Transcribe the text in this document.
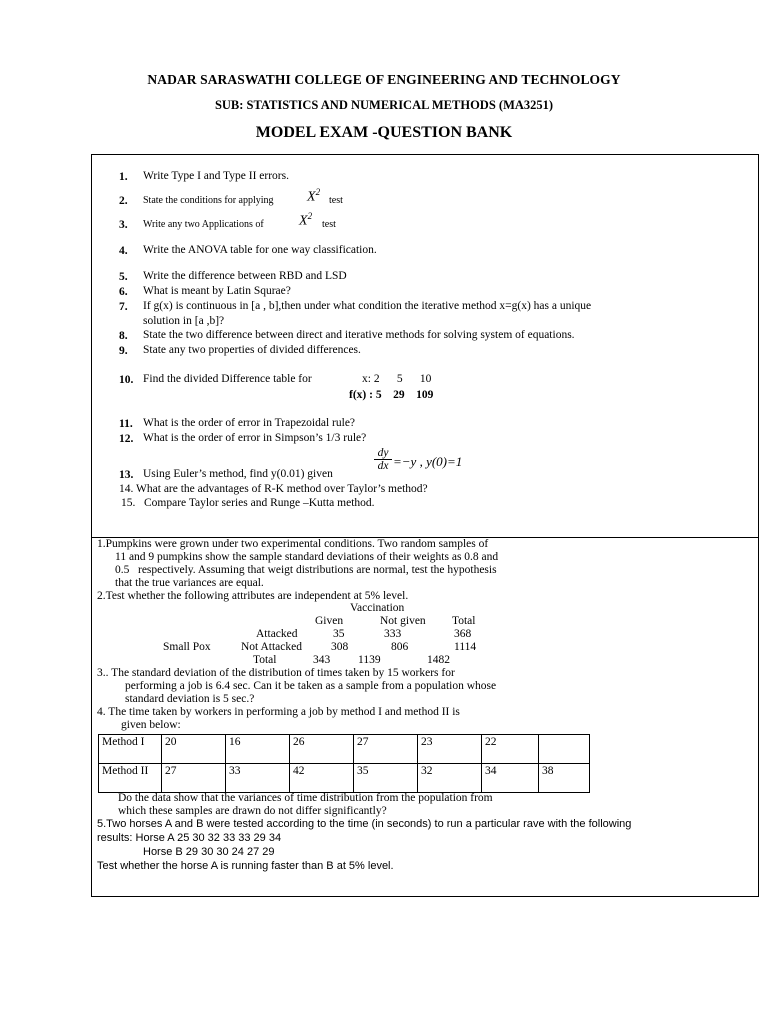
NADAR SARASWATHI COLLEGE OF ENGINEERING AND TECHNOLOGY
SUB: STATISTICS AND NUMERICAL METHODS (MA3251)
MODEL EXAM -QUESTION BANK
1. Write Type I and Type II errors.
2. State the conditions for applying $X^2$
test
3. Write any two Applications of	$X^2$
test
4. Write the ANOVA table for one way classification.
5. Write the difference between RBD and LSD
6. What is meant by Latin Squrae?
7. If g(x) is continuous in [a , b],then under what condition the iterative method x=g(x) has a unique
solution in [a ,b]?
8. State the two difference between direct and iterative methods for solving system of equations.
9. State any two properties of divided differences.
10. Find the divided Difference table for	x: 2      5      10
f(x) : 5    29    109
11. What is the order of error in Trapezoidal rule?
12. What is the order of error in Simpson’s 1/3 rule?
13. Using Euler’s method, find y(0.01) given
$\frac{dy}{dx} =-y$ , y(0)=1
14. What are the advantages of R-K method over Taylor’s method?
15.   Compare Taylor series and Runge –Kutta method.
1.Pumpkins were grown under two experimental conditions. Two random samples of
11 and 9 pumpkins show the sample standard deviations of their weights as 0.8 and
0.5   respectively. Assuming that weigt distributions are normal, test the hypothesis
that the true variances are equal.
2.Test whether the following attributes are independent at 5% level.
Vaccination
Given	Not given Total
Attacked	35	333	368
Small Pox	Not Attacked	308	806	1114
Total	343 1139	1482
3.. The standard deviation of the distribution of times taken by 15 workers for
performing a job is 6.4 sec. Can it be taken as a sample from a population whose
standard deviation is 5 sec.?
4. The time taken by workers in performing a job by method I and method II is
given below:
Method I	20	16	26	27	23	22	
Method II	27	33	42	35	32	34	38
Do the data show that the variances of time distribution from the population from
which these samples are drawn do not differ significantly?
5.Two horses A and B were tested according to the time (in seconds) to run a particular rave with the following
results: Horse A 25 30 32 33 33 29 34
Horse B 29 30 30 24 27 29
Test whether the horse A is running faster than B at 5% level.
